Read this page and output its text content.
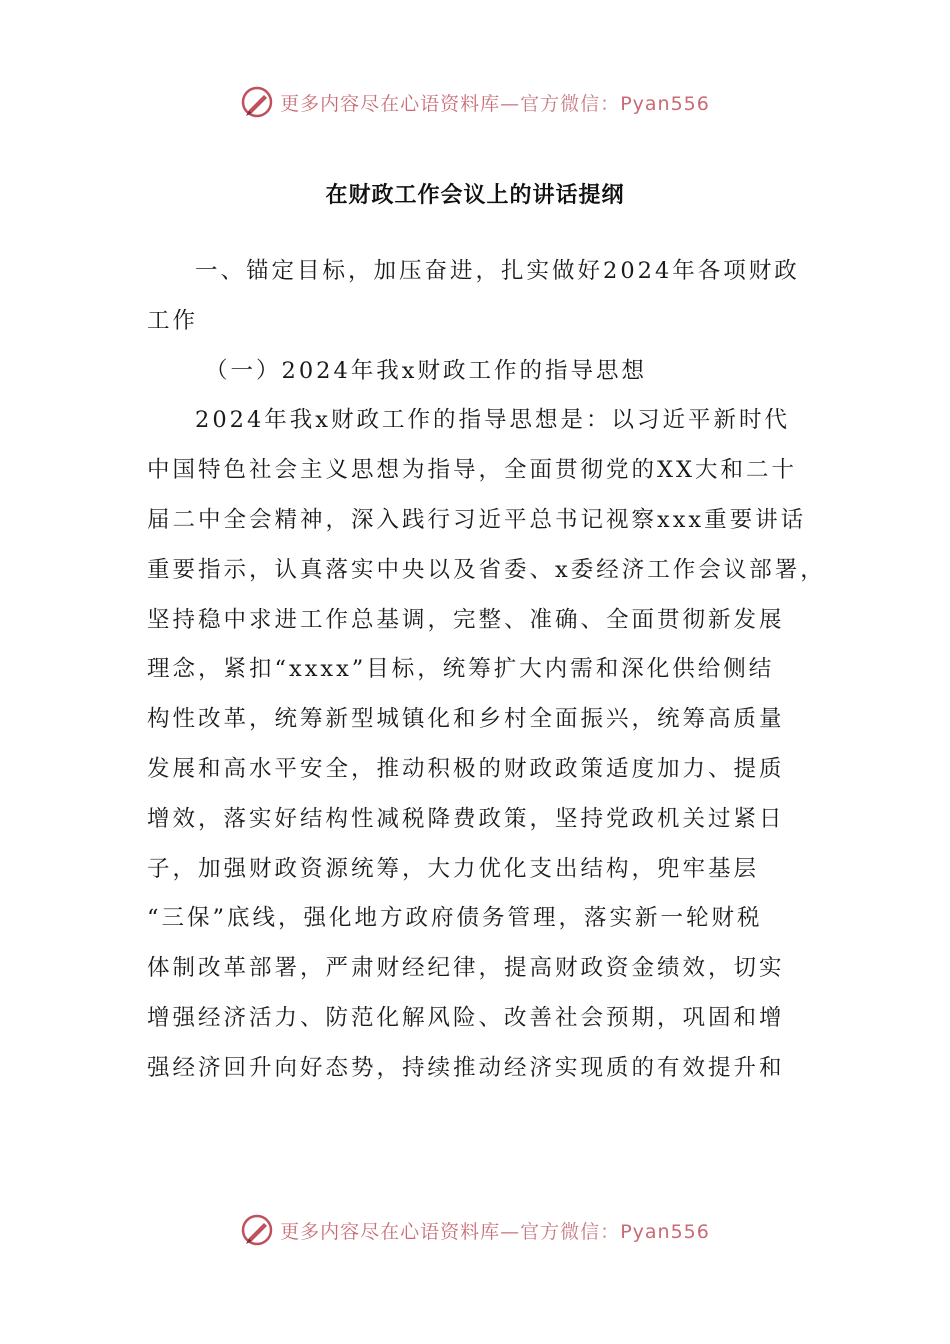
更多内容尽在心语资料库—官方微信：Pyan556
在财政工作会议上的讲话提纲
一、锚定目标，加压奋进，扎实做好2024年各项财政
工作
（一）2024年我x财政工作的指导思想
2024年我x财政工作的指导思想是：以习近平新时代
中国特色社会主义思想为指导，全面贯彻党的XX大和二十
届二中全会精神，深入践行习近平总书记视察xxx重要讲话
重要指示，认真落实中央以及省委、x委经济工作会议部署，
坚持稳中求进工作总基调，完整、准确、全面贯彻新发展
理念，紧扣“xxxx”目标，统筹扩大内需和深化供给侧结
构性改革，统筹新型城镇化和乡村全面振兴，统筹高质量
发展和高水平安全，推动积极的财政政策适度加力、提质
增效，落实好结构性减税降费政策，坚持党政机关过紧日
子，加强财政资源统筹，大力优化支出结构，兜牢基层
“三保”底线，强化地方政府债务管理，落实新一轮财税
体制改革部署，严肃财经纪律，提高财政资金绩效，切实
增强经济活力、防范化解风险、改善社会预期，巩固和增
强经济回升向好态势，持续推动经济实现质的有效提升和
更多内容尽在心语资料库—官方微信：Pyan556
